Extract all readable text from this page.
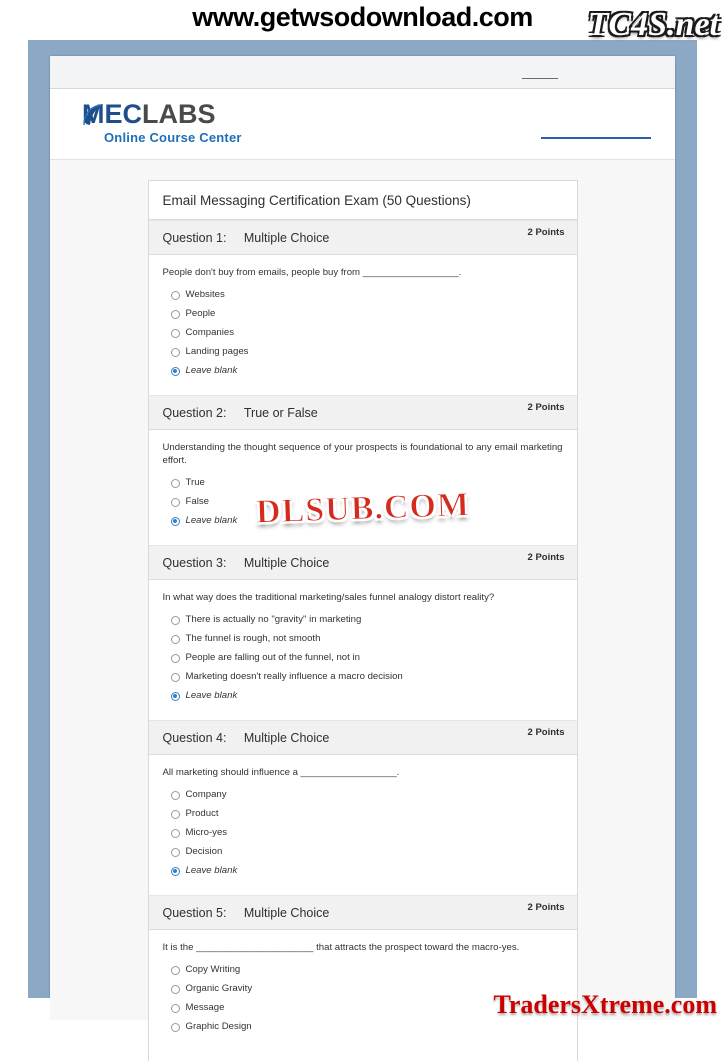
MECLABS
Online Course Center
Email Messaging Certification Exam (50 Questions)
Question 1: Multiple Choice	2 Points
People don't buy from emails, people buy from __________________.
Websites
People
Companies
Landing pages
Leave blank
Question 2: True or False	2 Points
Understanding the thought sequence of your prospects is foundational to any email marketing effort.
True
False
Leave blank
Question 3: Multiple Choice	2 Points
In what way does the traditional marketing/sales funnel analogy distort reality?
There is actually no "gravity" in marketing
The funnel is rough, not smooth
People are falling out of the funnel, not in
Marketing doesn't really influence a macro decision
Leave blank
Question 4: Multiple Choice	2 Points
All marketing should influence a __________________.
Company
Product
Micro-yes
Decision
Leave blank
Question 5: Multiple Choice	2 Points
It is the ______________________ that attracts the prospect toward the macro-yes.
Copy Writing
Organic Gravity
Message
Graphic Design
www.getwsodownload.com	TC4S.net
DLSUB.COM
TradersXtreme.com
